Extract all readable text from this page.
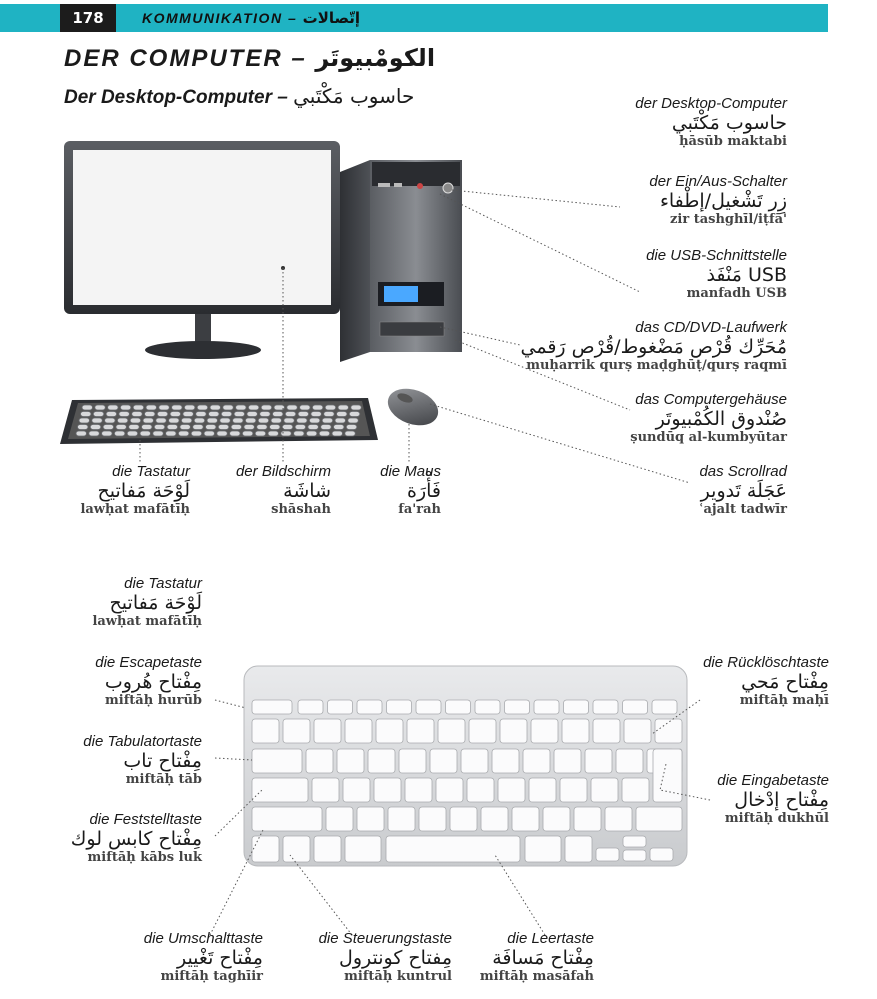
178	KOMMUNIKATION – إتّصالات
DER COMPUTER – الكومْبيوتَر
Der Desktop-Computer – حاسوب مَكْتَبي	der Desktop-Computer
حاسوب مَكْتَبي
ḥāsūb maktabi
der Ein/Aus-Schalter
زِر تَشْغيل/إطْفاء
zir tashghīl/iṭfā'
die USB-Schnittstelle
مَنْفَذ USB
manfadh USB
das CD/DVD-Laufwerk
مُحَرِّك قُرْص مَضْغوط/قُرْص رَقمي
muḥarrik qurṣ maḍghūṭ/qurṣ raqmī
das Computergehäuse
صُنْدوق الكُمْبيوتَر
ṣundūq al-kumbyūtar
das Scrollrad
عَجَلَة تَدوير
ʿajalt tadwīr
die Tastatur
لَوْحَة مَفاتيح
lawḥat mafātīḥ
der Bildschirm
شاشَة
shāshah
die Maus
فَأْرَة
fa'rah
die Tastatur
لَوْحَة مَفاتيح
lawḥat mafātīḥ
die Escapetaste
مِفْتاح هُروب
miftāḥ hurūb
die Tabulatortaste
مِفْتاح تاب
miftāḥ tāb
die Feststelltaste
مِفْتاح كابس لوك
miftāḥ kābs luk
die Rücklöschtaste
مِفْتاح مَحي
miftāḥ maḥī
die Eingabetaste
مِفْتاح إدْخال
miftāḥ dukhūl
die Umschalttaste
مِفْتاح تَغْيير
miftāḥ taghīir
die Steuerungstaste
مِفتاح كونترول
miftāḥ kuntrul
die Leertaste
مِفْتاح مَسافَة
miftāḥ masāfah
